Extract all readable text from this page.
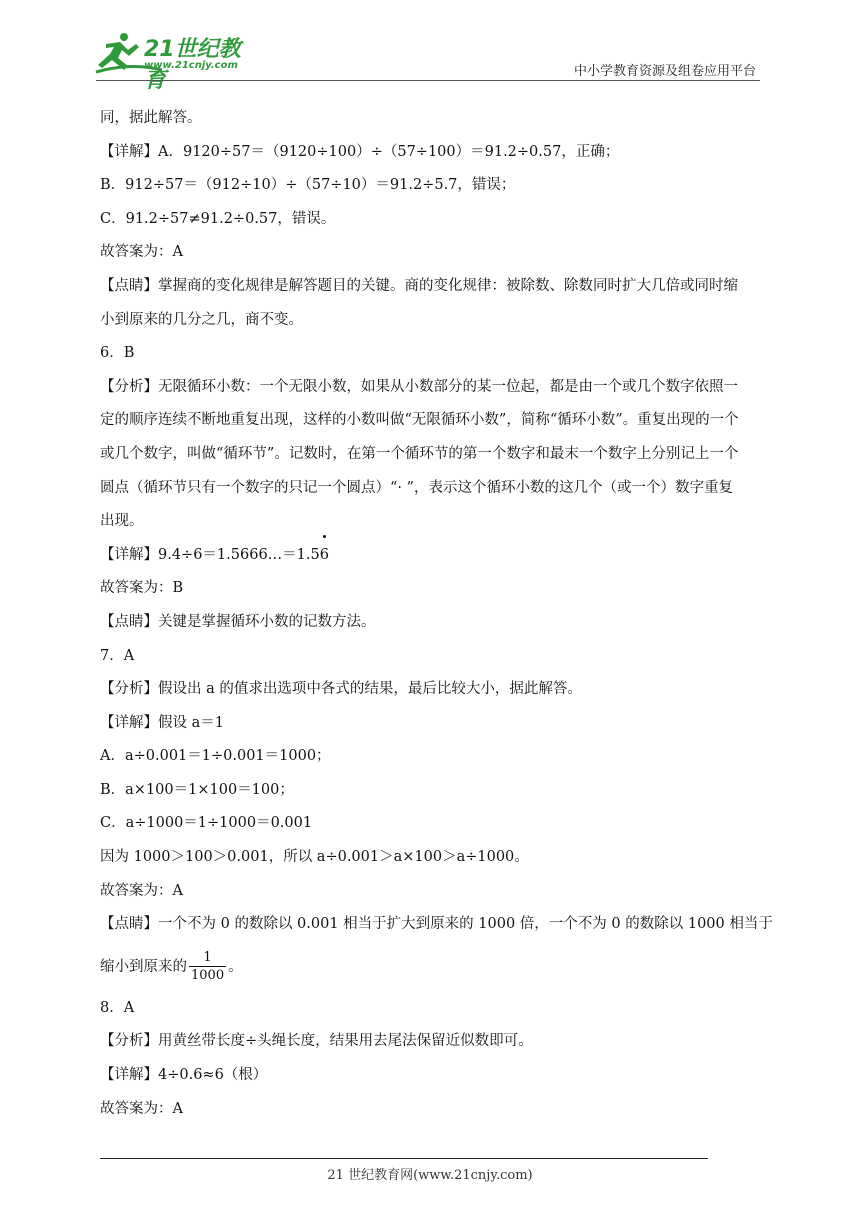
21世纪教育
www.21cnjy.com	中小学教育资源及组卷应用平台
同，据此解答。
【详解】A．9120÷57＝（9120÷100）÷（57÷100）＝91.2÷0.57，正确；
B．912÷57＝（912÷10）÷（57÷10）＝91.2÷5.7，错误；
C．91.2÷57≠91.2÷0.57，错误。
故答案为：A
【点睛】掌握商的变化规律是解答题目的关键。商的变化规律：被除数、除数同时扩大几倍或同时缩
小到原来的几分之几，商不变。
6．B
【分析】无限循环小数：一个无限小数，如果从小数部分的某一位起，都是由一个或几个数字依照一
定的顺序连续不断地重复出现，这样的小数叫做“无限循环小数”，简称“循环小数”。重复出现的一个
或几个数字，叫做“循环节”。记数时，在第一个循环节的第一个数字和最末一个数字上分别记上一个
圆点（循环节只有一个数字的只记一个圆点）“· ”，表示这个循环小数的这几个（或一个）数字重复
出现。
【详解】9.4÷6＝1.5666…＝1.5
6
故答案为：B
【点睛】关键是掌握循环小数的记数方法。
7．A
【分析】假设出 a 的值求出选项中各式的结果，最后比较大小，据此解答。
【详解】假设 a＝1
A．a÷0.001＝1÷0.001＝1000；
B．a×100＝1×100＝100；
C．a÷1000＝1÷1000＝0.001
因为 1000＞100＞0.001，所以 a÷0.001＞a×100＞a÷1000。
故答案为：A
【点睛】一个不为 0 的数除以 0.001 相当于扩大到原来的 1000 倍，一个不为 0 的数除以 1000 相当于
缩小到原来的 $\frac{1}{1000}$ 。
8．A
【分析】用黄丝带长度÷头绳长度，结果用去尾法保留近似数即可。
【详解】4÷0.6≈6（根）
故答案为：A
21 世纪教育网(www.21cnjy.com)
